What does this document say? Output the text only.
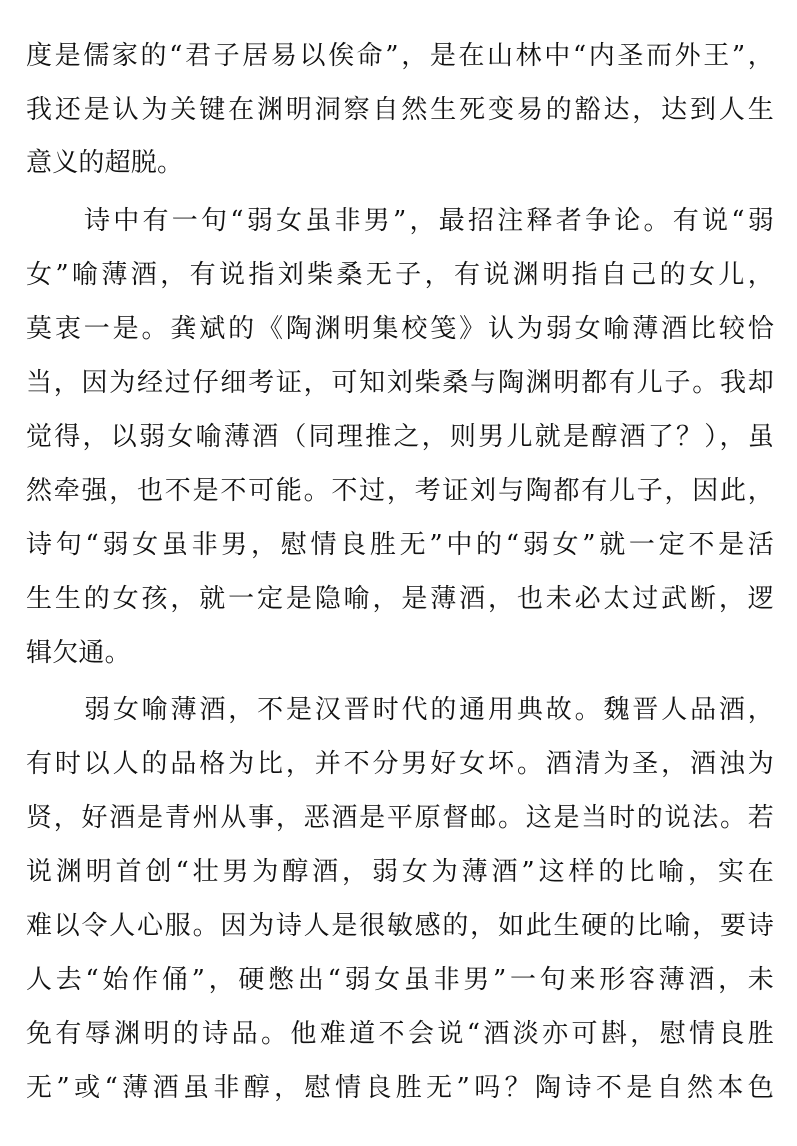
度是儒家的“君子居易以俟命”，是在山林中“内圣而外王”，
我还是认为关键在渊明洞察自然生死变易的豁达，达到人生
意义的超脱。
诗中有一句“弱女虽非男”，最招注释者争论。有说“弱
女”喻薄酒，有说指刘柴桑无子，有说渊明指自己的女儿，
莫衷一是。龚斌的《陶渊明集校笺》认为弱女喻薄酒比较恰
当，因为经过仔细考证，可知刘柴桑与陶渊明都有儿子。我却
觉得，以弱女喻薄酒（同理推之，则男儿就是醇酒了？），虽
然牵强，也不是不可能。不过，考证刘与陶都有儿子，因此，
诗句“弱女虽非男，慰情良胜无”中的“弱女”就一定不是活
生生的女孩，就一定是隐喻，是薄酒，也未必太过武断，逻
辑欠通。
弱女喻薄酒，不是汉晋时代的通用典故。魏晋人品酒，
有时以人的品格为比，并不分男好女坏。酒清为圣，酒浊为
贤，好酒是青州从事，恶酒是平原督邮。这是当时的说法。若
说渊明首创“壮男为醇酒，弱女为薄酒”这样的比喻，实在
难以令人心服。因为诗人是很敏感的，如此生硬的比喻，要诗
人去“始作俑”，硬憋出“弱女虽非男”一句来形容薄酒，未
免有辱渊明的诗品。他难道不会说“酒淡亦可斟，慰情良胜
无”或“薄酒虽非醇，慰情良胜无”吗？陶诗不是自然本色
